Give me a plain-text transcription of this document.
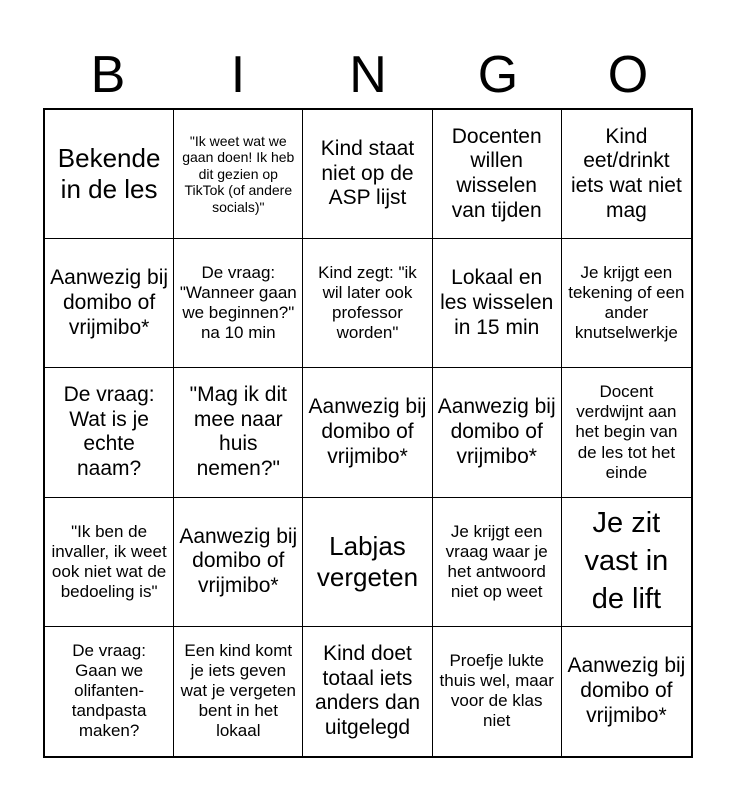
B	I	N	G	O
Bekende in de les
"Ik weet wat we gaan doen! Ik heb dit gezien op TikTok (of andere socials)"
Kind staat niet op de ASP lijst
Docenten willen wisselen van tijden
Kind eet/drinkt iets wat niet mag
Aanwezig bij domibo of vrijmibo*
De vraag: "Wanneer gaan we beginnen?" na 10 min
Kind zegt: "ik wil later ook professor worden"
Lokaal en les wisselen in 15 min
Je krijgt een tekening of een ander knutselwerkje
De vraag: Wat is je echte naam?
"Mag ik dit mee naar huis nemen?"
Aanwezig bij domibo of vrijmibo*
Aanwezig bij domibo of vrijmibo*
Docent verdwijnt aan het begin van de les tot het einde
"Ik ben de invaller, ik weet ook niet wat de bedoeling is"
Aanwezig bij domibo of vrijmibo*
Labjas vergeten
Je krijgt een vraag waar je het antwoord niet op weet
Je zit vast in de lift
De vraag: Gaan we olifanten-tandpasta maken?
Een kind komt je iets geven wat je vergeten bent in het lokaal
Kind doet totaal iets anders dan uitgelegd
Proefje lukte thuis wel, maar voor de klas niet
Aanwezig bij domibo of vrijmibo*
